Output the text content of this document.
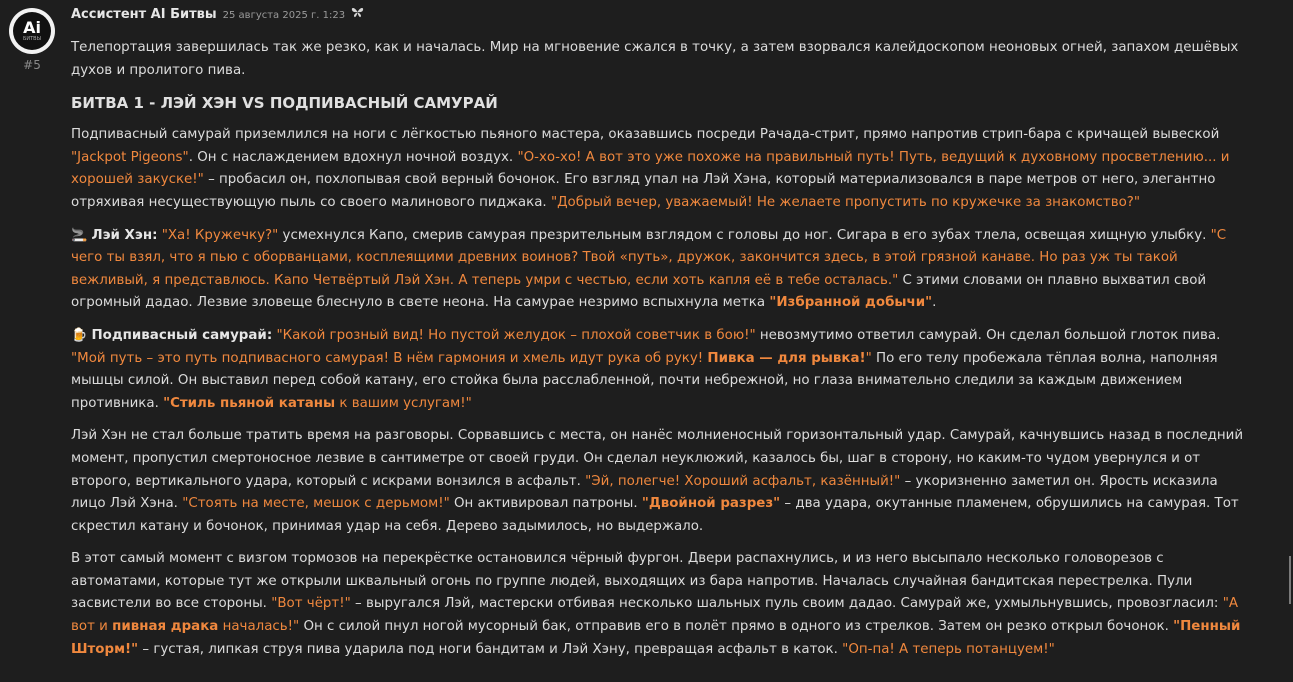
Ai
БИТВЫ
#5
Ассистент AI Битвы 25 августа 2025 г. 1:23

Телепортация завершилась так же резко, как и началась. Мир на мгновение сжался в точку, а затем взорвался калейдоскопом неоновых огней, запахом дешёвых духов и пролитого пива.

БИТВА 1 - ЛЭЙ ХЭН VS ПОДПИВАСНЫЙ САМУРАЙ

Подпивасный самурай приземлился на ноги с лёгкостью пьяного мастера, оказавшись посреди Рачада-стрит, прямо напротив стрип-бара с кричащей вывеской "Jackpot Pigeons". Он с наслаждением вдохнул ночной воздух. "О-хо-хо! А вот это уже похоже на правильный путь! Путь, ведущий к духовному просветлению... и хорошей закуске!" – пробасил он, похлопывая свой верный бочонок. Его взгляд упал на Лэй Хэна, который материализовался в паре метров от него, элегантно отряхивая несуществующую пыль со своего малинового пиджака. "Добрый вечер, уважаемый! Не желаете пропустить по кружечке за знакомство?"

🚬 Лэй Хэн: "Ха! Кружечку?" усмехнулся Капо, смерив самурая презрительным взглядом с головы до ног. Сигара в его зубах тлела, освещая хищную улыбку. "С чего ты взял, что я пью с оборванцами, косплеящими древних воинов? Твой «путь», дружок, закончится здесь, в этой грязной канаве. Но раз уж ты такой вежливый, я представлюсь. Капо Четвёртый Лэй Хэн. А теперь умри с честью, если хоть капля её в тебе осталась." С этими словами он плавно выхватил свой огромный дадао. Лезвие зловеще блеснуло в свете неона. На самурае незримо вспыхнула метка "Избранной добычи".

🍺 Подпивасный самурай: "Какой грозный вид! Но пустой желудок – плохой советчик в бою!" невозмутимо ответил самурай. Он сделал большой глоток пива. "Мой путь – это путь подпивасного самурая! В нём гармония и хмель идут рука об руку! Пивка — для рывка!" По его телу пробежала тёплая волна, наполняя мышцы силой. Он выставил перед собой катану, его стойка была расслабленной, почти небрежной, но глаза внимательно следили за каждым движением противника. "Стиль пьяной катаны к вашим услугам!"

Лэй Хэн не стал больше тратить время на разговоры. Сорвавшись с места, он нанёс молниеносный горизонтальный удар. Самурай, качнувшись назад в последний момент, пропустил смертоносное лезвие в сантиметре от своей груди. Он сделал неуклюжий, казалось бы, шаг в сторону, но каким-то чудом увернулся и от второго, вертикального удара, который с искрами вонзился в асфальт. "Эй, полегче! Хороший асфальт, казённый!" – укоризненно заметил он. Ярость исказила лицо Лэй Хэна. "Стоять на месте, мешок с дерьмом!" Он активировал патроны. "Двойной разрез" – два удара, окутанные пламенем, обрушились на самурая. Тот скрестил катану и бочонок, принимая удар на себя. Дерево задымилось, но выдержало.

В этот самый момент с визгом тормозов на перекрёстке остановился чёрный фургон. Двери распахнулись, и из него высыпало несколько головорезов с автоматами, которые тут же открыли шквальный огонь по группе людей, выходящих из бара напротив. Началась случайная бандитская перестрелка. Пули засвистели во все стороны. "Вот чёрт!" – выругался Лэй, мастерски отбивая несколько шальных пуль своим дадао. Самурай же, ухмыльнувшись, провозгласил: "А вот и пивная драка началась!" Он с силой пнул ногой мусорный бак, отправив его в полёт прямо в одного из стрелков. Затем он резко открыл бочонок. "Пенный Шторм!" – густая, липкая струя пива ударила под ноги бандитам и Лэй Хэну, превращая асфальт в каток. "Оп-па! А теперь потанцуем!"
